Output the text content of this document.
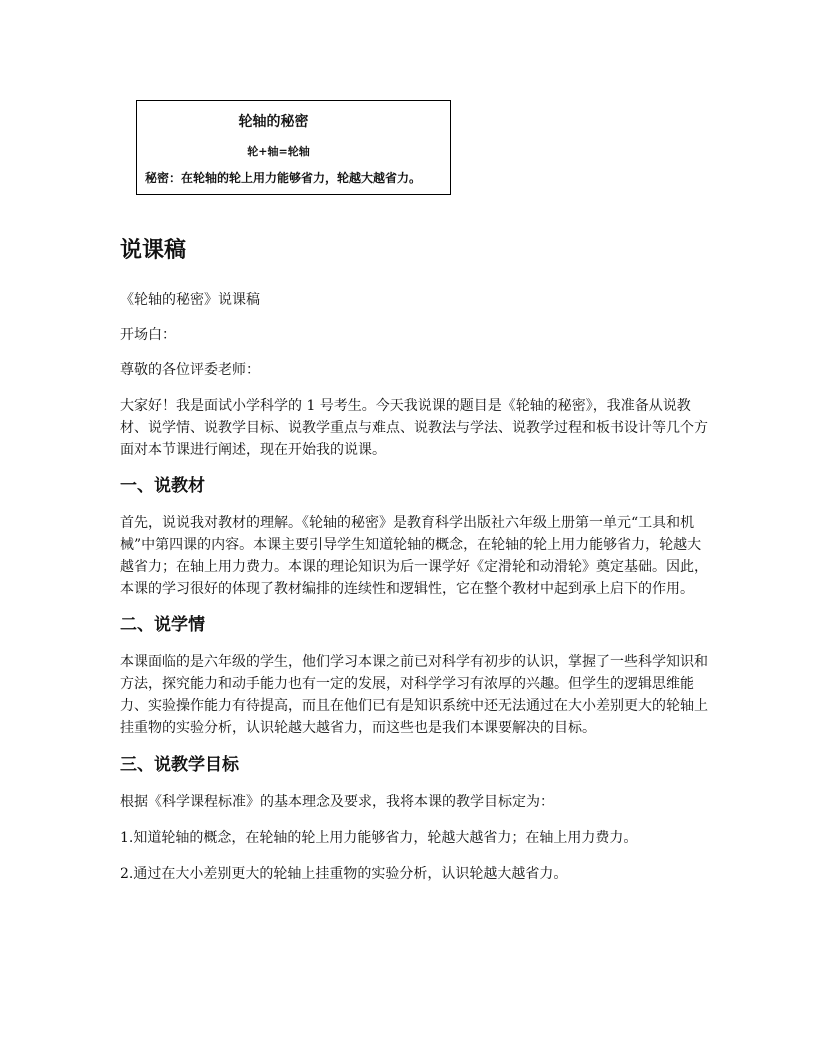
轮轴的秘密
轮+轴=轮轴
秘密：在轮轴的轮上用力能够省力，轮越大越省力。
说课稿

《轮轴的秘密》说课稿

开场白：

尊敬的各位评委老师：

大家好！我是面试小学科学的 1 号考生。今天我说课的题目是《轮轴的秘密》，我准备从说教材、说学情、说教学目标、说教学重点与难点、说教法与学法、说教学过程和板书设计等几个方面对本节课进行阐述，现在开始我的说课。

一、说教材

首先，说说我对教材的理解。《轮轴的秘密》是教育科学出版社六年级上册第一单元“工具和机械”中第四课的内容。本课主要引导学生知道轮轴的概念，在轮轴的轮上用力能够省力，轮越大越省力；在轴上用力费力。本课的理论知识为后一课学好《定滑轮和动滑轮》奠定基础。因此，本课的学习很好的体现了教材编排的连续性和逻辑性，它在整个教材中起到承上启下的作用。

二、说学情

本课面临的是六年级的学生，他们学习本课之前已对科学有初步的认识，掌握了一些科学知识和方法，探究能力和动手能力也有一定的发展，对科学学习有浓厚的兴趣。但学生的逻辑思维能力、实验操作能力有待提高，而且在他们已有是知识系统中还无法通过在大小差别更大的轮轴上挂重物的实验分析，认识轮越大越省力，而这些也是我们本课要解决的目标。

三、说教学目标

根据《科学课程标准》的基本理念及要求，我将本课的教学目标定为：

1.知道轮轴的概念，在轮轴的轮上用力能够省力，轮越大越省力；在轴上用力费力。

2.通过在大小差别更大的轮轴上挂重物的实验分析，认识轮越大越省力。
